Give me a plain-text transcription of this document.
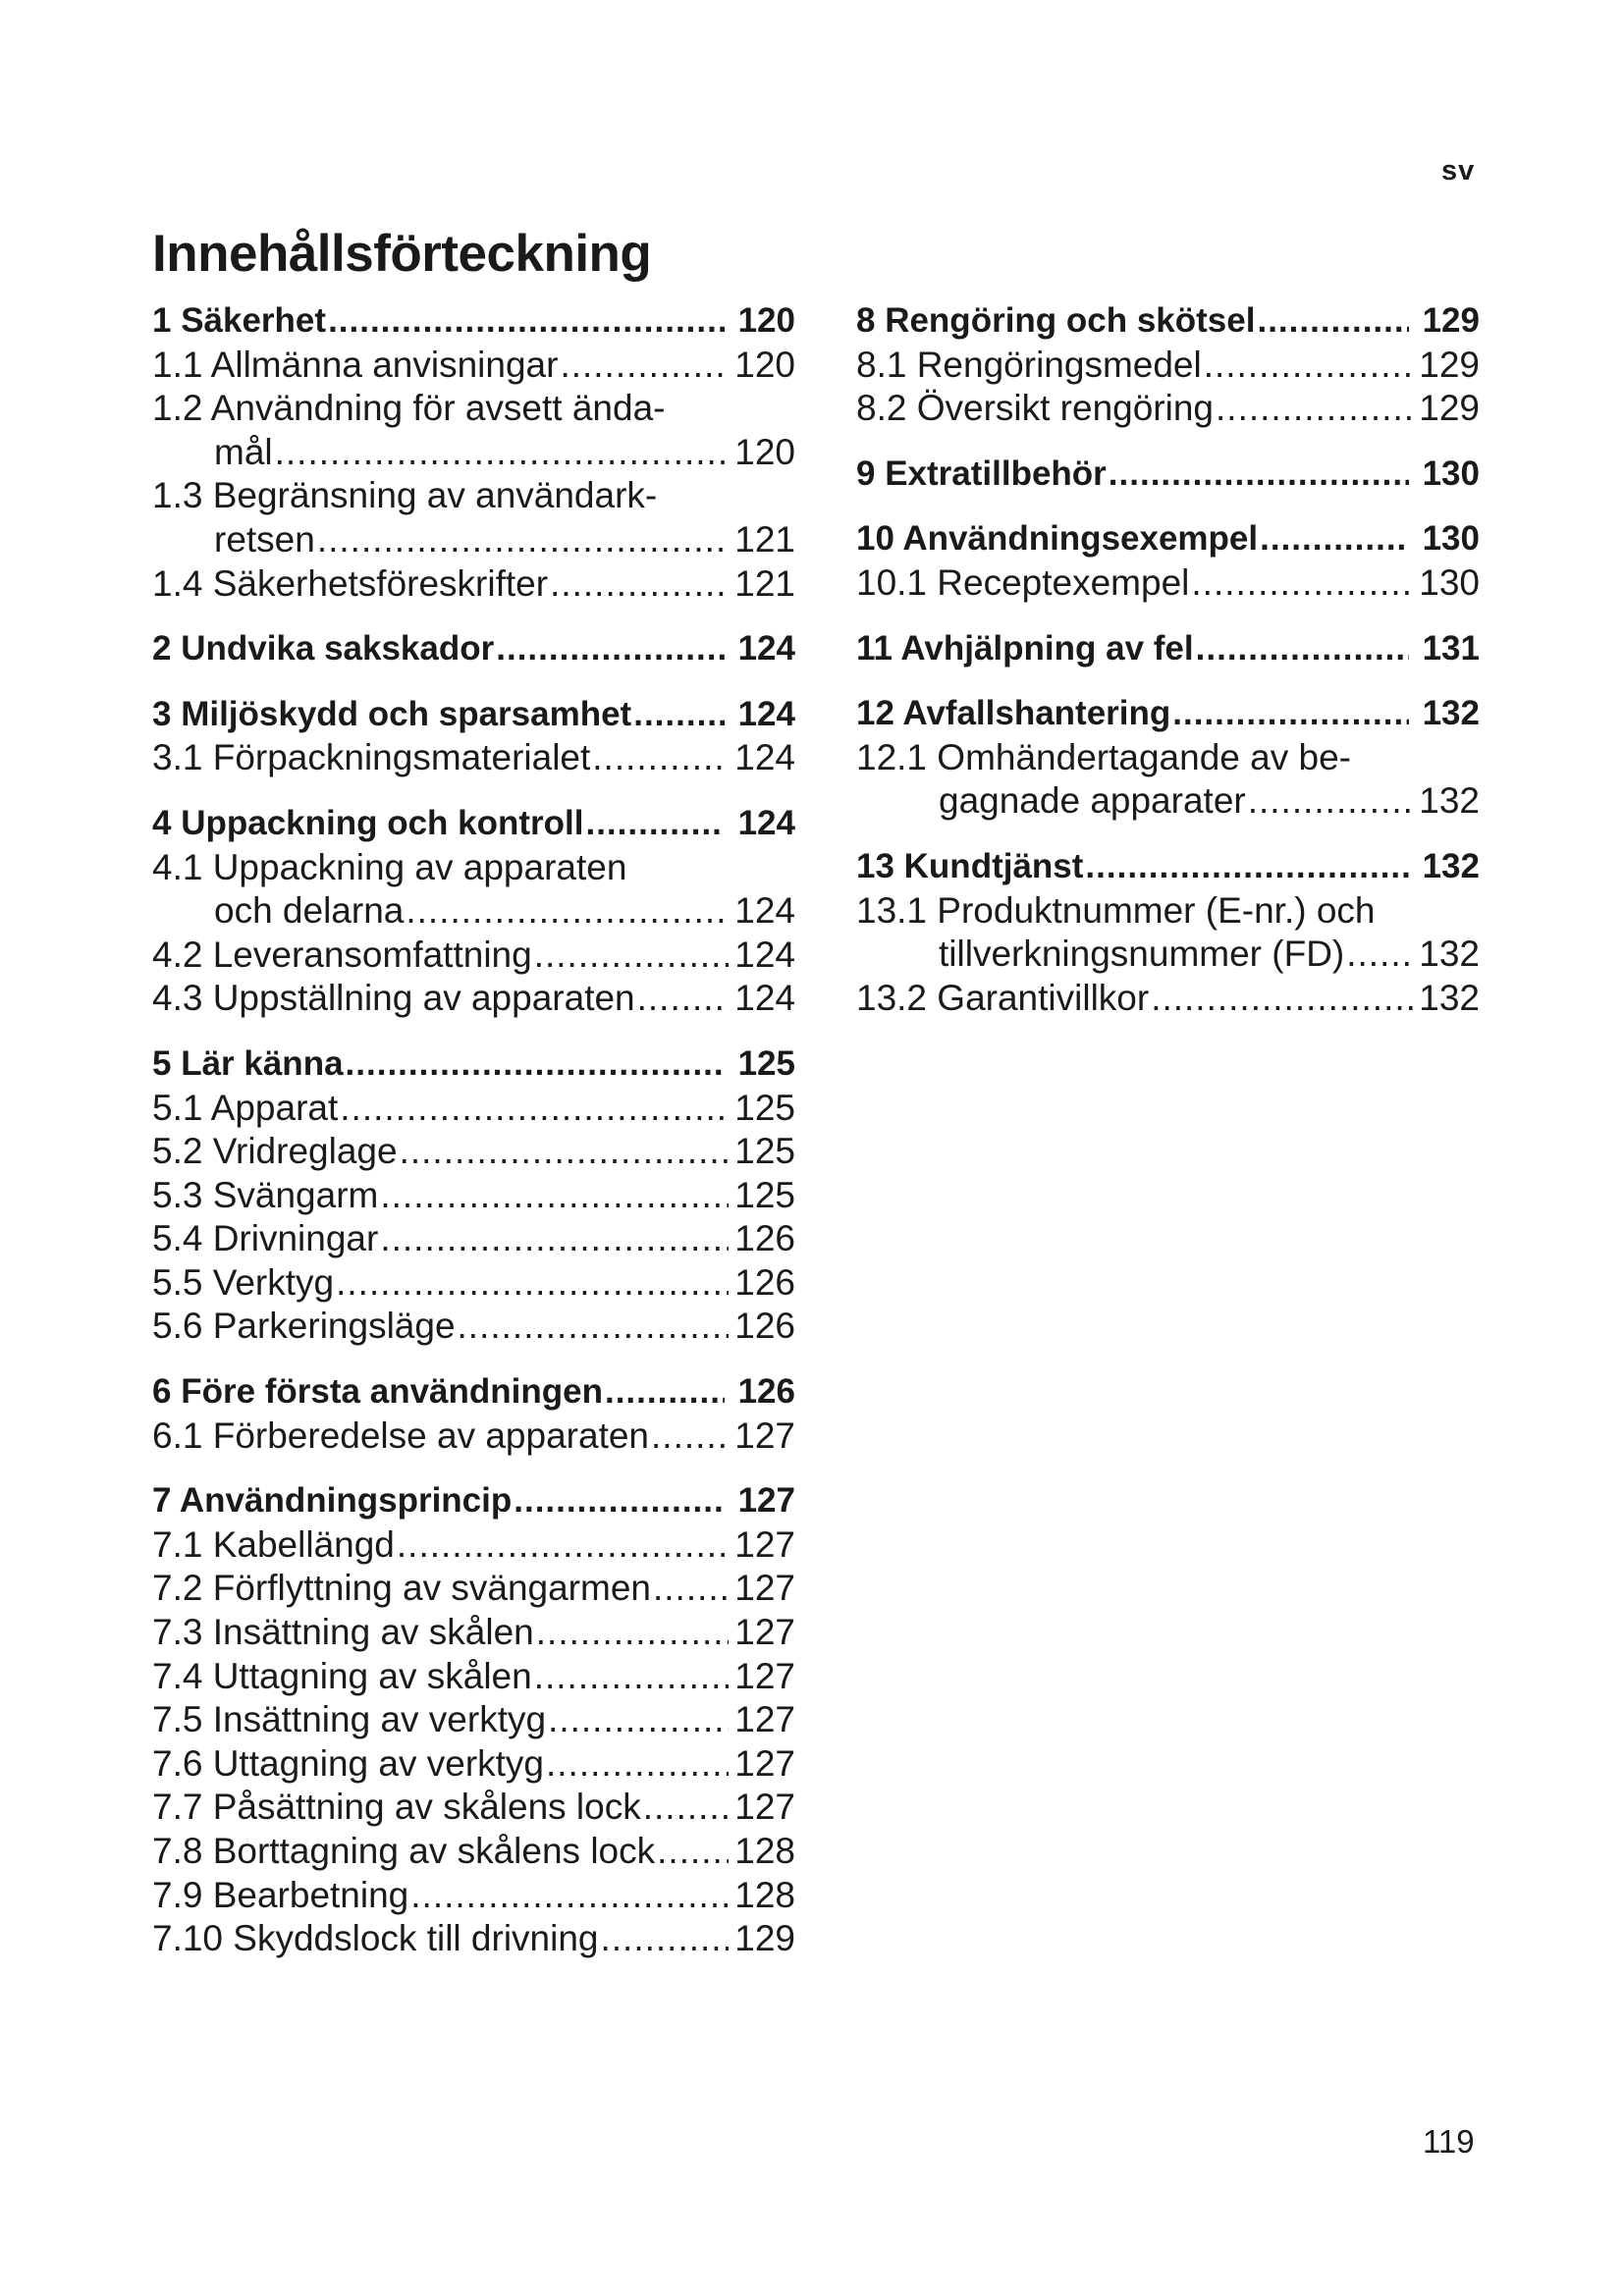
sv
Innehållsförteckning
1 Säkerhet .....	120
1.1 Allmänna anvisningar .....	120
1.2 Användning för avsett ända-
mål .....	120
1.3 Begränsning av användark-
retsen .....	121
1.4 Säkerhetsföreskrifter .....	121
2 Undvika sakskador .....	124
3 Miljöskydd och sparsamhet .....	124
3.1 Förpackningsmaterialet .....	124
4 Uppackning och kontroll .....	124
4.1 Uppackning av apparaten
och delarna .....	124
4.2 Leveransomfattning .....	124
4.3 Uppställning av apparaten .....	124
5 Lär känna .....	125
5.1 Apparat .....	125
5.2 Vridreglage .....	125
5.3 Svängarm .....	125
5.4 Drivningar .....	126
5.5 Verktyg .....	126
5.6 Parkeringsläge .....	126
6 Före första användningen .....	126
6.1 Förberedelse av apparaten ..... 127
7 Användningsprincip .....	127
7.1 Kabellängd .....	127
7.2 Förflyttning av svängarmen ..... 127
7.3 Insättning av skålen .....	127
7.4 Uttagning av skålen .....	127
7.5 Insättning av verktyg .....	127
7.6 Uttagning av verktyg .....	127
7.7 Påsättning av skålens lock .....	127
7.8 Borttagning av skålens lock ..... 128
7.9 Bearbetning .....	128
7.10 Skyddslock till drivning .....	129
8 Rengöring och skötsel .....	129
8.1 Rengöringsmedel .....	129
8.2 Översikt rengöring .....	129
9 Extratillbehör .....	130
10 Användningsexempel .....	130
10.1 Receptexempel .....	130
11 Avhjälpning av fel .....	131
12 Avfallshantering .....	132
12.1 Omhändertagande av be-
gagnade apparater .....	132
13 Kundtjänst .....	132
13.1 Produktnummer (E-nr.) och
tillverkningsnummer (FD) ..... 132
13.2 Garantivillkor .....	132
119
